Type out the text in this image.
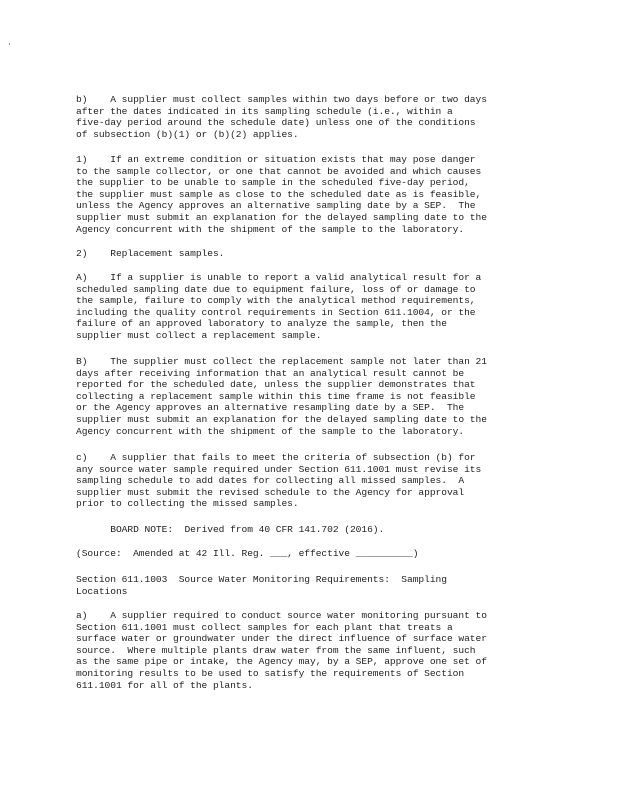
·

b)    A supplier must collect samples within two days before or two days
after the dates indicated in its sampling schedule (i.e., within a
five-day period around the schedule date) unless one of the conditions
of subsection (b)(1) or (b)(2) applies.

1)    If an extreme condition or situation exists that may pose danger
to the sample collector, or one that cannot be avoided and which causes
the supplier to be unable to sample in the scheduled five-day period,
the supplier must sample as close to the scheduled date as is feasible,
unless the Agency approves an alternative sampling date by a SEP.  The
supplier must submit an explanation for the delayed sampling date to the
Agency concurrent with the shipment of the sample to the laboratory.

2)    Replacement samples.

A)    If a supplier is unable to report a valid analytical result for a
scheduled sampling date due to equipment failure, loss of or damage to
the sample, failure to comply with the analytical method requirements,
including the quality control requirements in Section 611.1004, or the
failure of an approved laboratory to analyze the sample, then the
supplier must collect a replacement sample.

B)    The supplier must collect the replacement sample not later than 21
days after receiving information that an analytical result cannot be
reported for the scheduled date, unless the supplier demonstrates that
collecting a replacement sample within this time frame is not feasible
or the Agency approves an alternative resampling date by a SEP.  The
supplier must submit an explanation for the delayed sampling date to the
Agency concurrent with the shipment of the sample to the laboratory.

c)    A supplier that fails to meet the criteria of subsection (b) for
any source water sample required under Section 611.1001 must revise its
sampling schedule to add dates for collecting all missed samples.  A
supplier must submit the revised schedule to the Agency for approval
prior to collecting the missed samples.

BOARD NOTE:  Derived from 40 CFR 141.702 (2016).

(Source:  Amended at 42 Ill. Reg. ___, effective __________)

Section 611.1003  Source Water Monitoring Requirements:  Sampling
Locations

a)    A supplier required to conduct source water monitoring pursuant to
Section 611.1001 must collect samples for each plant that treats a
surface water or groundwater under the direct influence of surface water
source.  Where multiple plants draw water from the same influent, such
as the same pipe or intake, the Agency may, by a SEP, approve one set of
monitoring results to be used to satisfy the requirements of Section
611.1001 for all of the plants.
